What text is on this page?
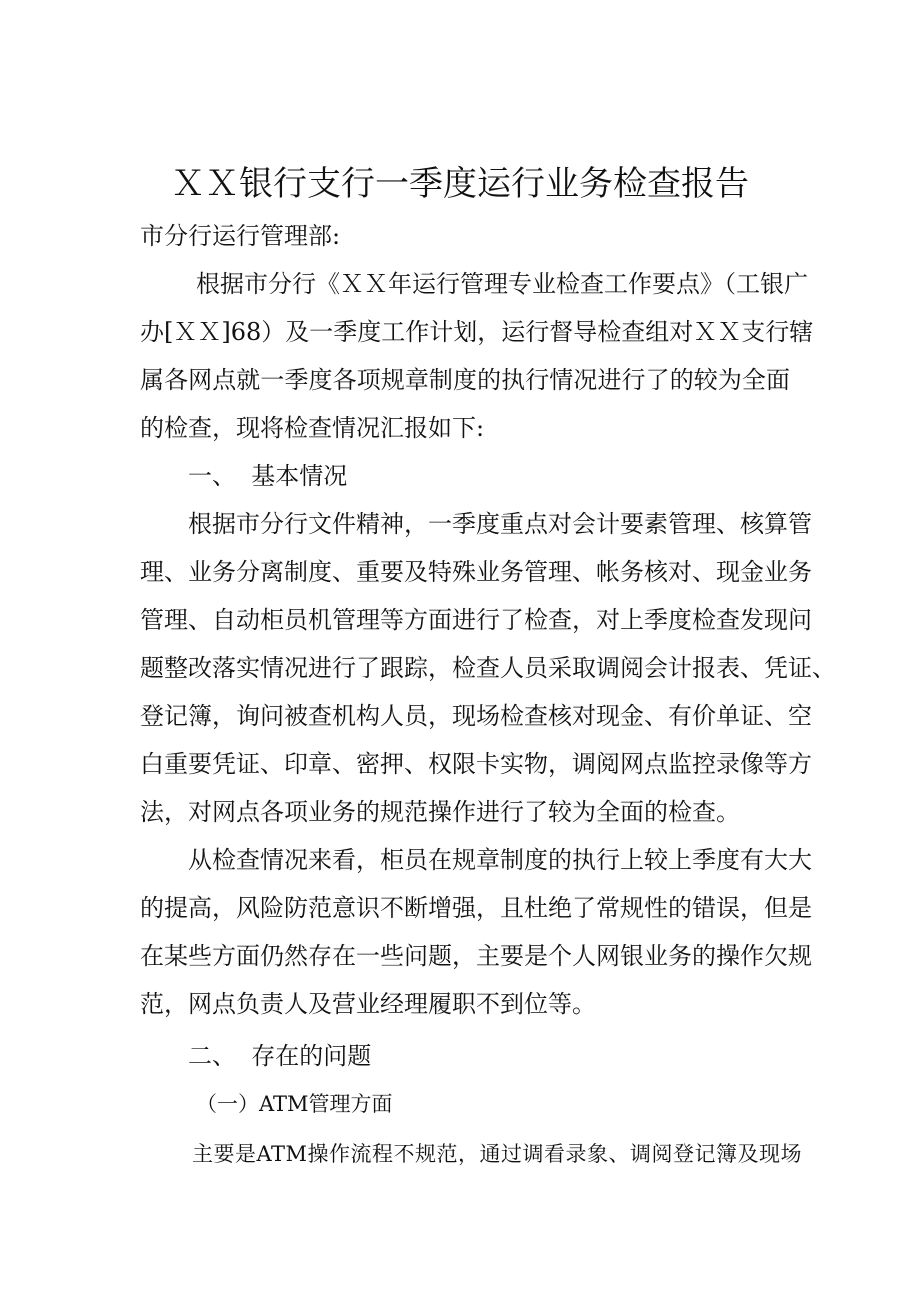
ＸＸ银行支行一季度运行业务检查报告

市分行运行管理部:

根据市分行《ＸＸ年运行管理专业检查工作要点》（工银广

办[ＸＸ]68）及一季度工作计划，运行督导检查组对ＸＸ支行辖

属各网点就一季度各项规章制度的执行情况进行了的较为全面

的检查，现将检查情况汇报如下:

一、  基本情况

根据市分行文件精神，一季度重点对会计要素管理、核算管

理、业务分离制度、重要及特殊业务管理、帐务核对、现金业务

管理、自动柜员机管理等方面进行了检查，对上季度检查发现问

题整改落实情况进行了跟踪，检查人员采取调阅会计报表、凭证、

登记簿，询问被查机构人员，现场检查核对现金、有价单证、空

白重要凭证、印章、密押、权限卡实物，调阅网点监控录像等方

法，对网点各项业务的规范操作进行了较为全面的检查。

从检查情况来看，柜员在规章制度的执行上较上季度有大大

的提高，风险防范意识不断增强，且杜绝了常规性的错误，但是

在某些方面仍然存在一些问题，主要是个人网银业务的操作欠规

范，网点负责人及营业经理履职不到位等。

二、  存在的问题

（一）ATM管理方面

主要是ATM操作流程不规范，通过调看录象、调阅登记簿及现场
